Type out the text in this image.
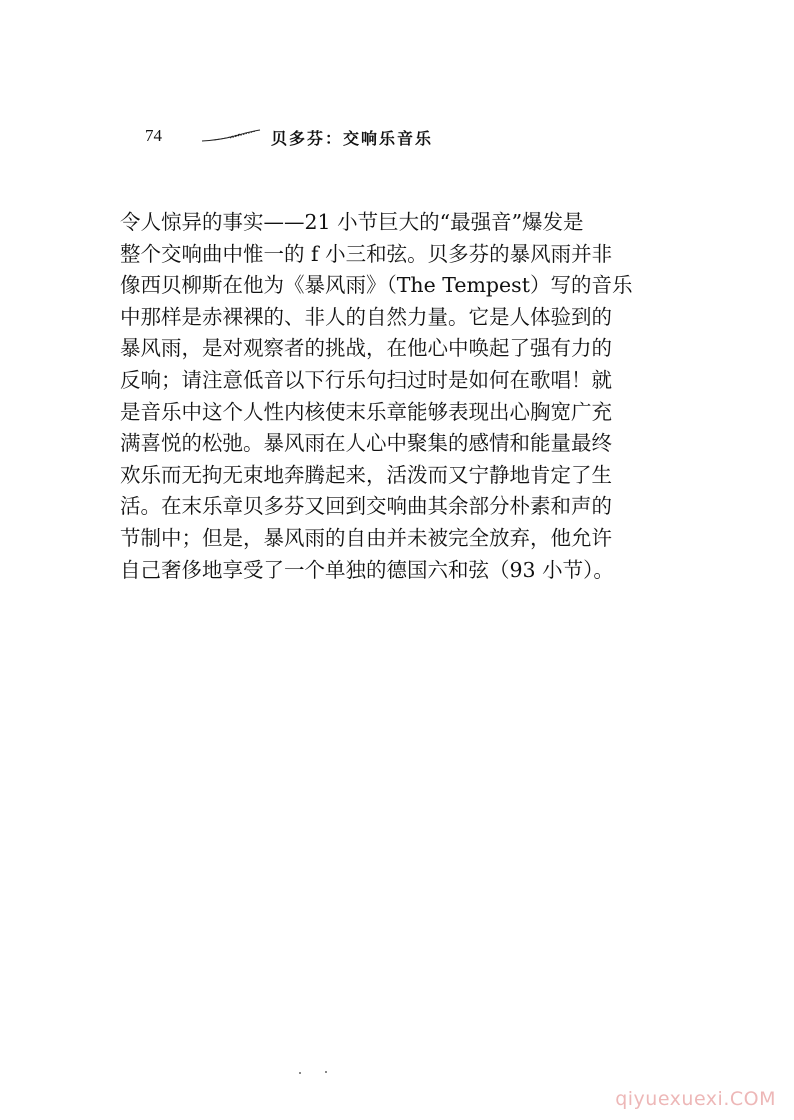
74	贝多芬：交响乐音乐
令人惊异的事实——21 小节巨大的“最强音”爆发是
整个交响曲中惟一的 f 小三和弦。贝多芬的暴风雨并非
像西贝柳斯在他为《暴风雨》（The Tempest）写的音乐
中那样是赤裸裸的、非人的自然力量。它是人体验到的
暴风雨，是对观察者的挑战，在他心中唤起了强有力的
反响；请注意低音以下行乐句扫过时是如何在歌唱！就
是音乐中这个人性内核使末乐章能够表现出心胸宽广充
满喜悦的松弛。暴风雨在人心中聚集的感情和能量最终
欢乐而无拘无束地奔腾起来，活泼而又宁静地肯定了生
活。在末乐章贝多芬又回到交响曲其余部分朴素和声的
节制中；但是，暴风雨的自由并未被完全放弃，他允许
自己奢侈地享受了一个单独的德国六和弦（93 小节）。
qiyuexuexi.COM
